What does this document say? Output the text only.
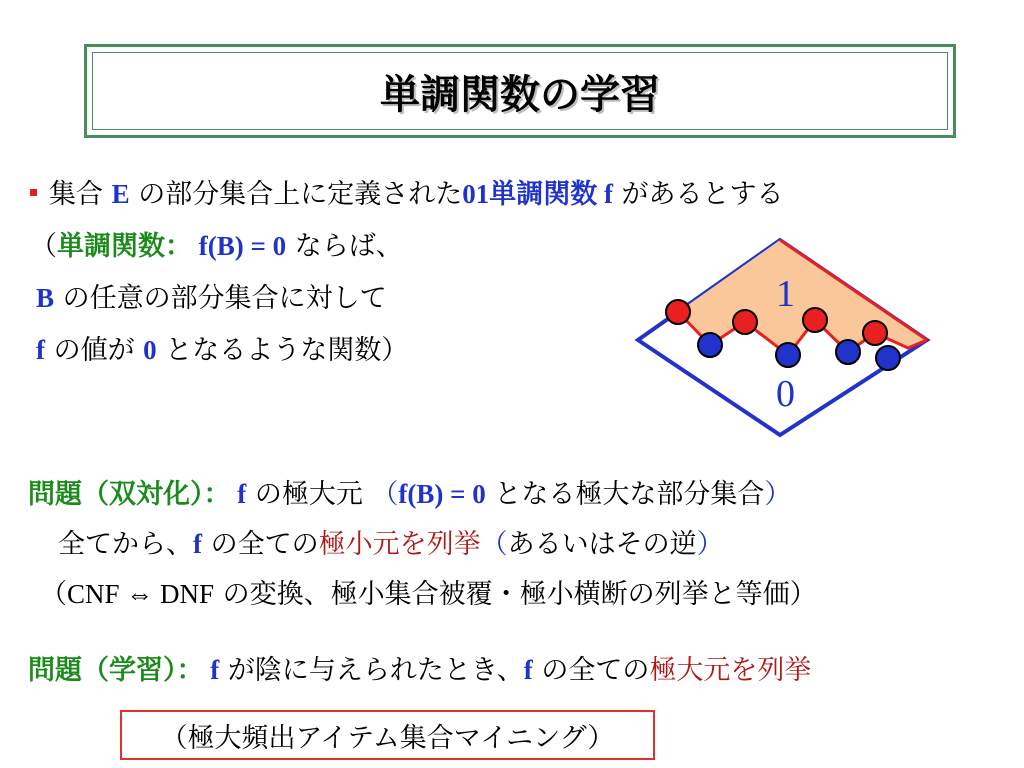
単調関数の学習
集合 E の部分集合上に定義された01単調関数 f があるとする
（単調関数： f(B) = 0 ならば、
B の任意の部分集合に対して
f の値が 0 となるような関数）
1
0
問題（双対化）： f の極大元 （f(B) = 0 となる極大な部分集合）
全てから、f の全ての極小元を列挙（あるいはその逆）
（CNF ⇔ DNF の変換、極小集合被覆・極小横断の列挙と等価）
問題（学習）： f が陰に与えられたとき、f の全ての極大元を列挙
（極大頻出アイテム集合マイニング）
